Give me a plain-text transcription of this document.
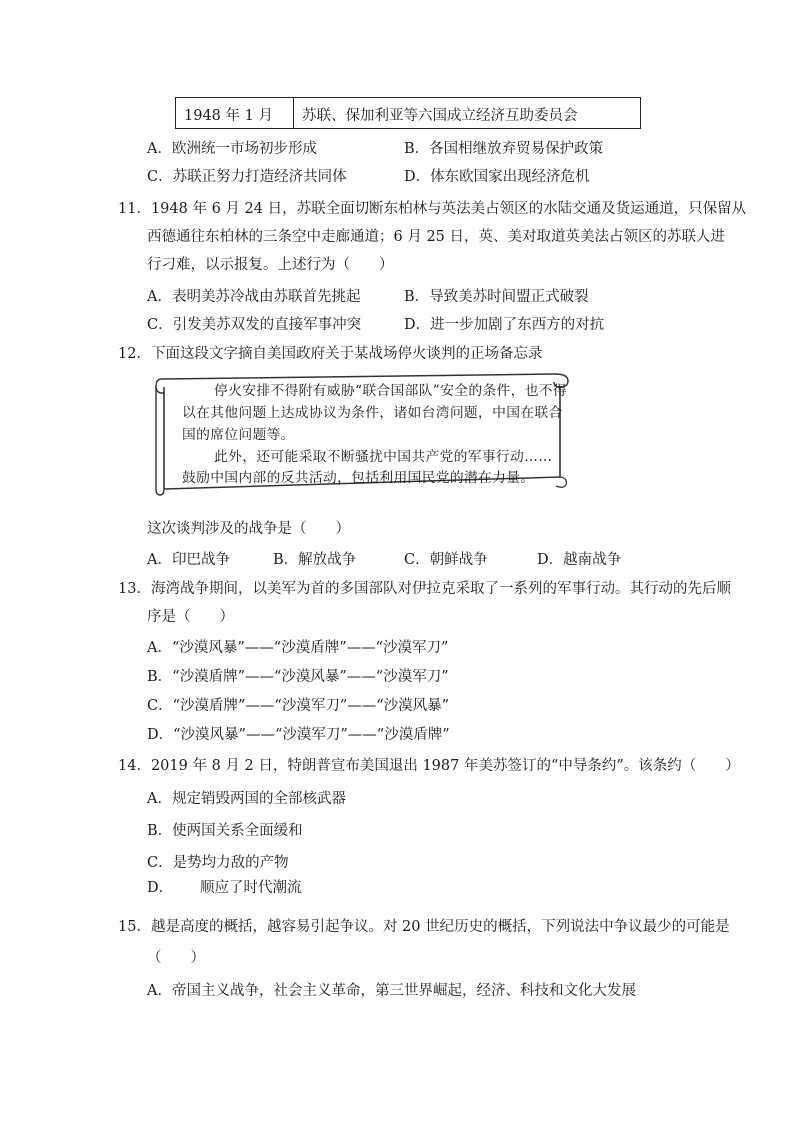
1948 年 1 月 苏联、保加利亚等六国成立经济互助委员会
A．欧洲统一市场初步形成	B．各国相继放弃贸易保护政策
C．苏联正努力打造经济共同体	D．体东欧国家出现经济危机
11．1948 年 6 月 24 日，苏联全面切断东柏林与英法美占领区的水陆交通及货运通道，只保留从
西德通往东柏林的三条空中走廊通道；6 月 25 日，英、美对取道英美法占领区的苏联人进
行刁难，以示报复。上述行为（　　）
A．表明美苏冷战由苏联首先挑起	B．导致美苏时间盟正式破裂
C．引发美苏双发的直接军事冲突	D．进一步加剧了东西方的对抗
12．下面这段文字摘自美国政府关于某战场停火谈判的正场备忘录
停火安排不得附有威胁“联合国部队”安全的条件，也不得
以在其他问题上达成协议为条件，诸如台湾问题，中国在联合
国的席位问题等。
此外，还可能采取不断骚扰中国共产党的军事行动……
鼓励中国内部的反共活动，包括利用国民党的潜在力量。
这次谈判涉及的战争是（　　）
A．印巴战争	B．解放战争	C．朝鲜战争	D．越南战争
13．海湾战争期间，以美军为首的多国部队对伊拉克采取了一系列的军事行动。其行动的先后顺
序是（　　）
A．“沙漠风暴”——“沙漠盾牌”——“沙漠军刀”
B．“沙漠盾牌”——“沙漠风暴”——“沙漠军刀”
C．“沙漠盾牌”——“沙漠军刀”——“沙漠风暴”
D．“沙漠风暴”——“沙漠军刀”——“沙漠盾牌”
14．2019 年 8 月 2 日，特朗普宣布美国退出 1987 年美苏签订的“中导条约”。该条约（　　）
A．规定销毁两国的全部核武器
B．使两国关系全面缓和
C．是势均力敌的产物
D． 顺应了时代潮流
15．越是高度的概括，越容易引起争议。对 20 世纪历史的概括，下列说法中争议最少的可能是
（　　）
A．帝国主义战争，社会主义革命，第三世界崛起，经济、科技和文化大发展
